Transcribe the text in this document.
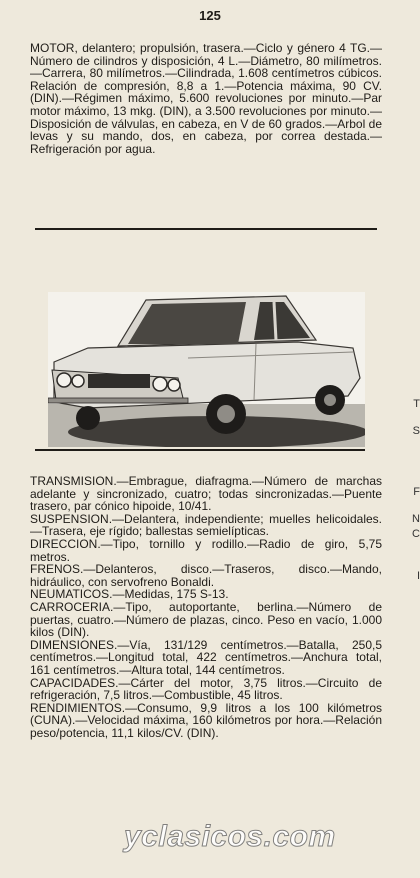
125

MOTOR, delantero; propulsión, trasera.—Ciclo y género 4 TG.—Número de cilindros y disposición, 4 L.—Diámetro, 80 milímetros.—Carrera, 80 milímetros.—Cilindrada, 1.608 centímetros cúbicos. Relación de compresión, 8,8 a 1.—Potencia máxima, 90 CV. (DIN).—Régimen máximo, 5.600 revoluciones por minuto.—Par motor máximo, 13 mkg. (DIN), a 3.500 revoluciones por minuto.—Disposición de válvulas, en cabeza, en V de 60 grados.—Arbol de levas y su mando, dos, en cabeza, por correa destada.—Refrigeración por agua.

TRANSMISION.—Embrague, diafragma.—Número de marchas adelante y sincronizado, cuatro; todas sincronizadas.—Puente trasero, par cónico hipoide, 10/41.

SUSPENSION.—Delantera, independiente; muelles helicoidales.—Trasera, eje rígido; ballestas semielípticas.

DIRECCION.—Tipo, tornillo y rodillo.—Radio de giro, 5,75 metros.

FRENOS.—Delanteros, disco.—Traseros, disco.—Mando, hidráulico, con servofreno Bonaldi.

NEUMATICOS.—Medidas, 175 S-13.

CARROCERIA.—Tipo, autoportante, berlina.—Número de puertas, cuatro.—Número de plazas, cinco. Peso en vacío, 1.000 kilos (DIN).

DIMENSIONES.—Vía, 131/129 centímetros.—Batalla, 250,5 centímetros.—Longitud total, 422 centímetros.—Anchura total, 161 centímetros.—Altura total, 144 centímetros.

CAPACIDADES.—Cárter del motor, 3,75 litros.—Circuito de refrigeración, 7,5 litros.—Combustible, 45 litros.

RENDIMIENTOS.—Consumo, 9,9 litros a los 100 kilómetros (CUNA).—Velocidad máxima, 160 kilómetros por hora.—Relación peso/potencia, 11,1 kilos/CV. (DIN).

T
S
F
N
C
I
yclasicos.com
